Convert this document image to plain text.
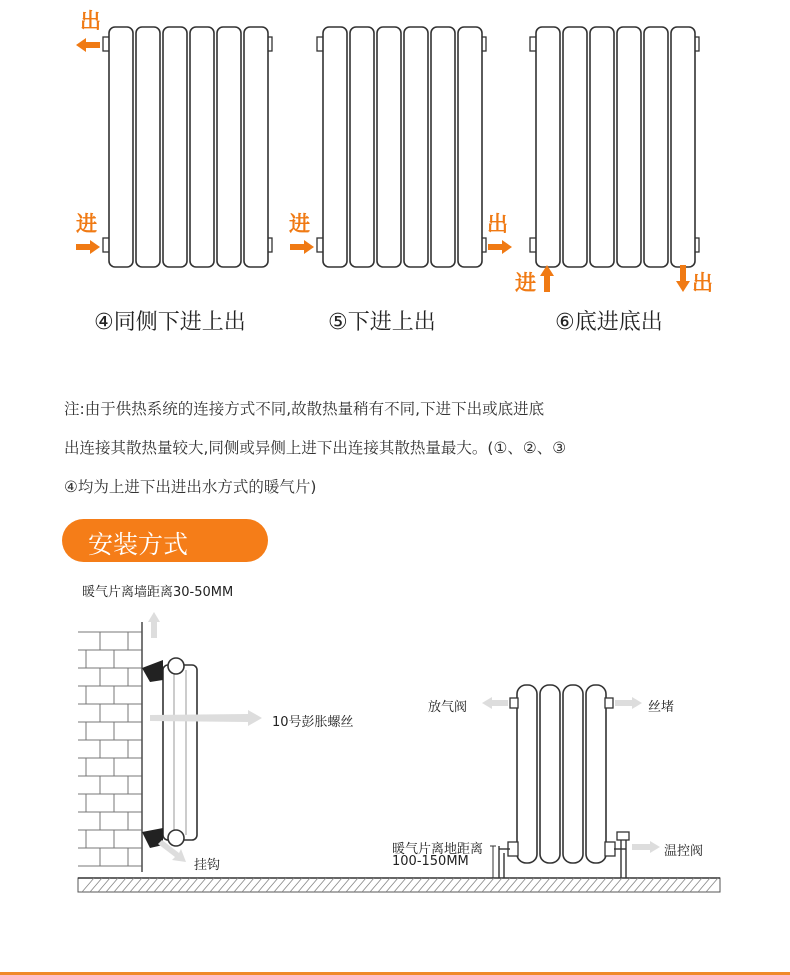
出
进	进	出
进	出
④同侧下进上出	⑤下进上出	⑥底进底出
注:由于供热系统的连接方式不同,故散热量稍有不同,下进下出或底进底
出连接其散热量较大,同侧或异侧上进下出连接其散热量最大。(①、②、③
④均为上进下出进出水方式的暖气片)
安装方式
暖气片离墙距离30-50MM
10号彭胀螺丝
挂钩
放气阀	丝堵
暖气片离地距离
100-150MM
温控阀
